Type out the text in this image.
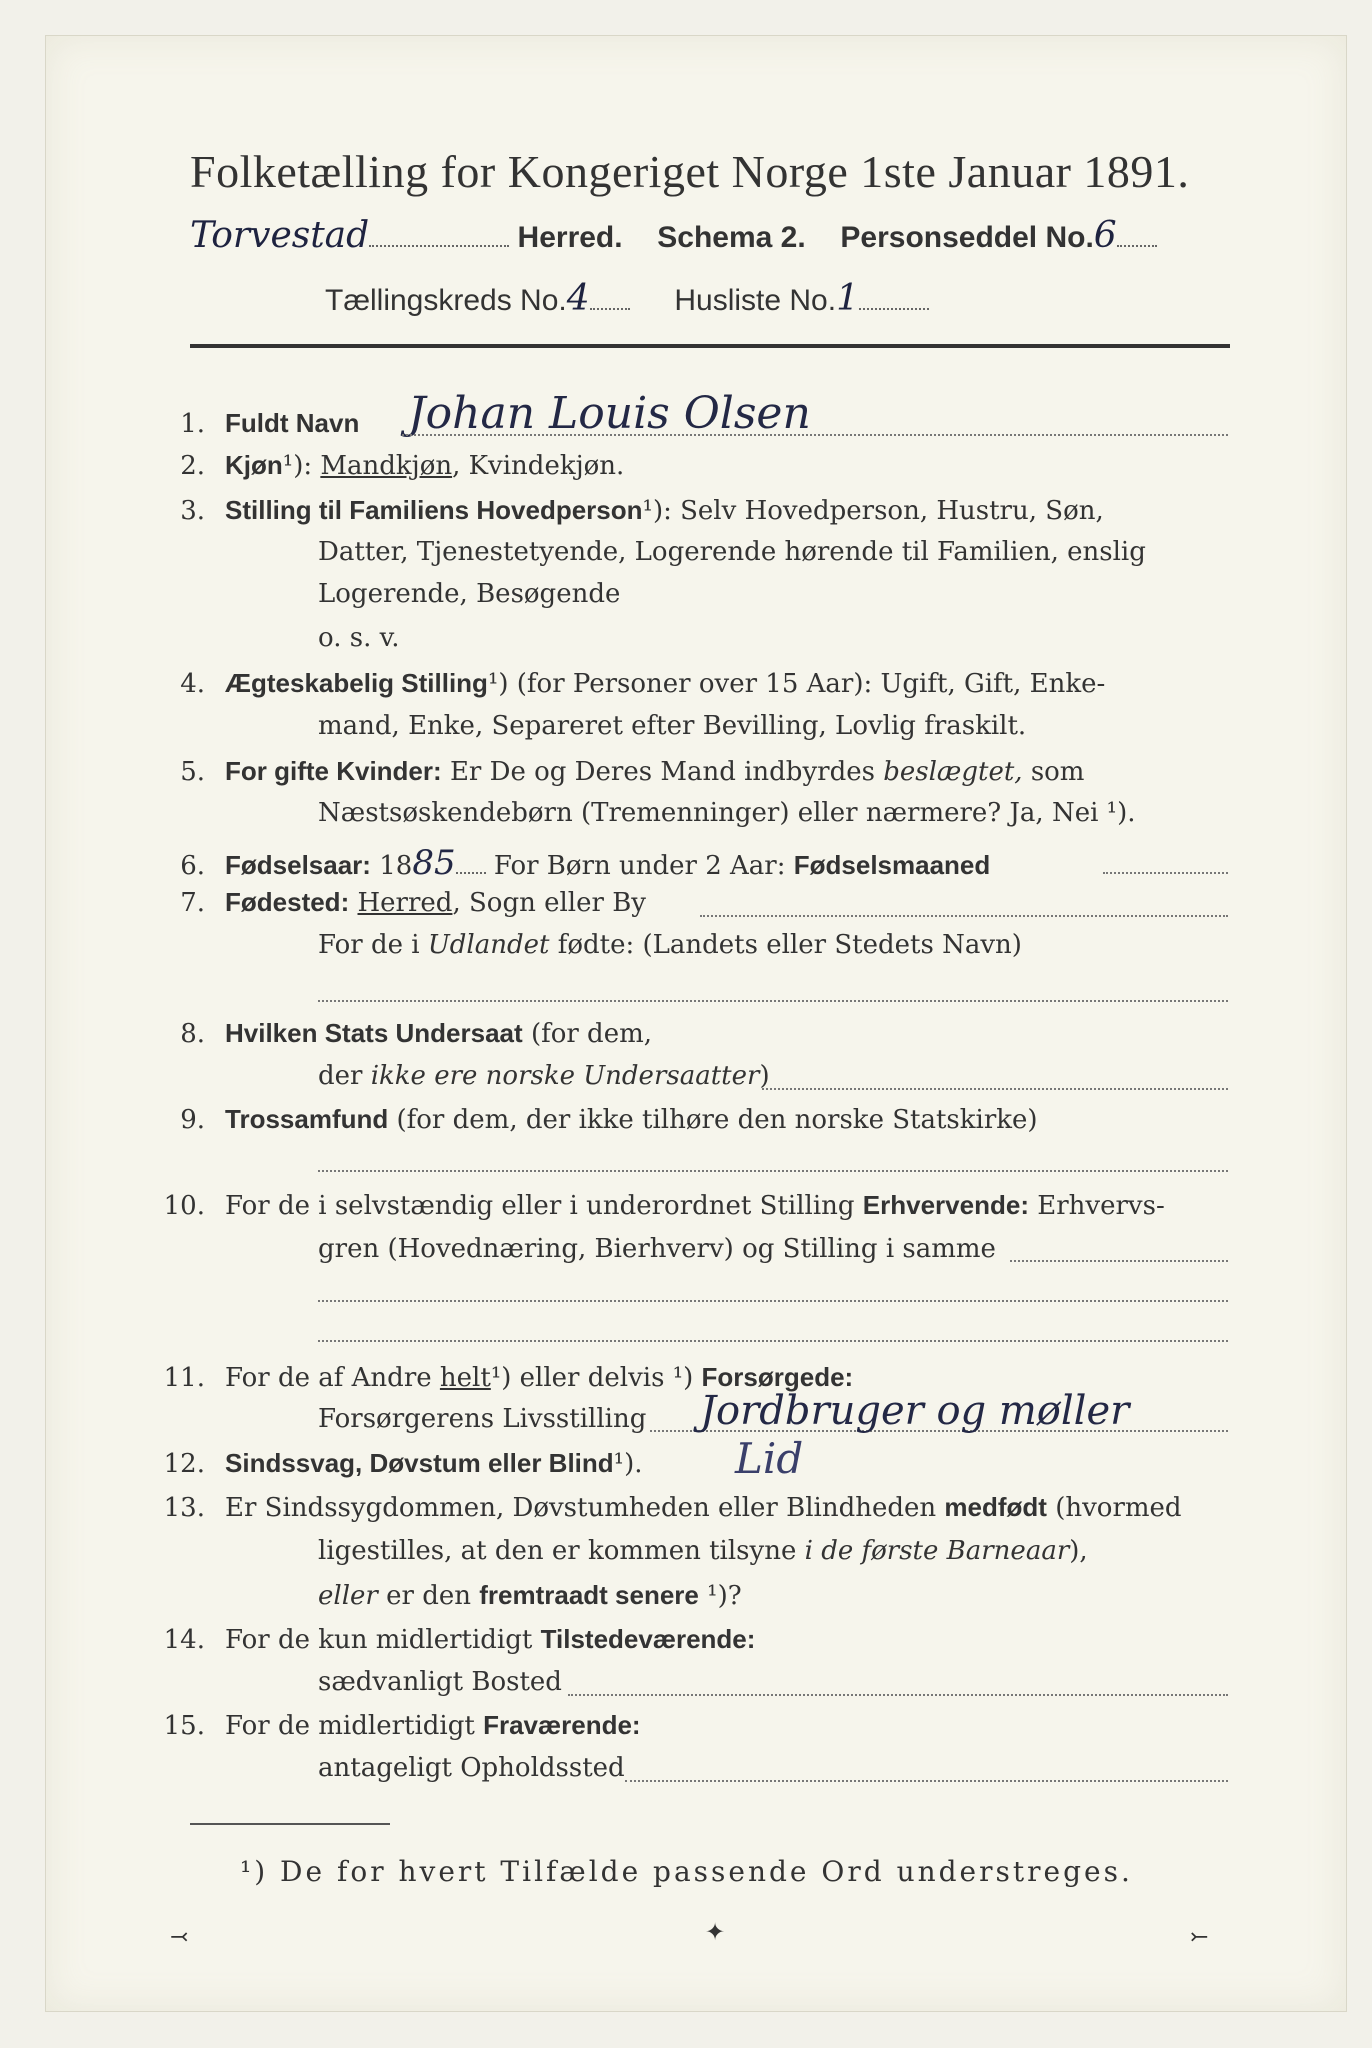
Folketælling for Kongeriget Norge 1ste Januar 1891.
Torvestad	Herred. Schema 2. Personseddel No.6
Tællingskreds No.4	Husliste No.1
1. Fuldt Navn Johan Louis Olsen
2. Kjøn¹): Mandkjøn, Kvindekjøn.
3. Stilling til Familiens Hovedperson¹): Selv Hovedperson, Hustru, Søn,
Datter, Tjenestetyende, Logerende hørende til Familien, enslig
Logerende, Besøgende
o. s. v.
4. Ægteskabelig Stilling¹) (for Personer over 15 Aar): Ugift, Gift, Enke-
mand, Enke, Separeret efter Bevilling, Lovlig fraskilt.
5. For gifte Kvinder: Er De og Deres Mand indbyrdes beslægtet, som
Næstsøskendebørn (Tremenninger) eller nærmere? Ja, Nei ¹).
6. Fødselsaar: 1885 For Børn under 2 Aar: Fødselsmaaned
7. Fødested: Herred, Sogn eller By
For de i Udlandet fødte: (Landets eller Stedets Navn)
8. Hvilken Stats Undersaat (for dem,
der ikke ere norske Undersaatter)
9. Trossamfund (for dem, der ikke tilhøre den norske Statskirke)
10. For de i selvstændig eller i underordnet Stilling Erhvervende: Erhvervs-
gren (Hovednæring, Bierhverv) og Stilling i samme
11. For de af Andre helt¹) eller delvis ¹) Forsørgede:
Forsørgerens Livsstilling Jordbruger og møller
12. Sindssvag, Døvstum eller Blind¹). Lid
13. Er Sindssygdommen, Døvstumheden eller Blindheden medfødt (hvormed
ligestilles, at den er kommen tilsyne i de første Barneaar),
eller er den fremtraadt senere ¹)?
14. For de kun midlertidigt Tilstedeværende:
sædvanligt Bosted
15. For de midlertidigt Fraværende:
antageligt Opholdssted
¹) De for hvert Tilfælde passende Ord understreges.
⤙	✦	⤚
